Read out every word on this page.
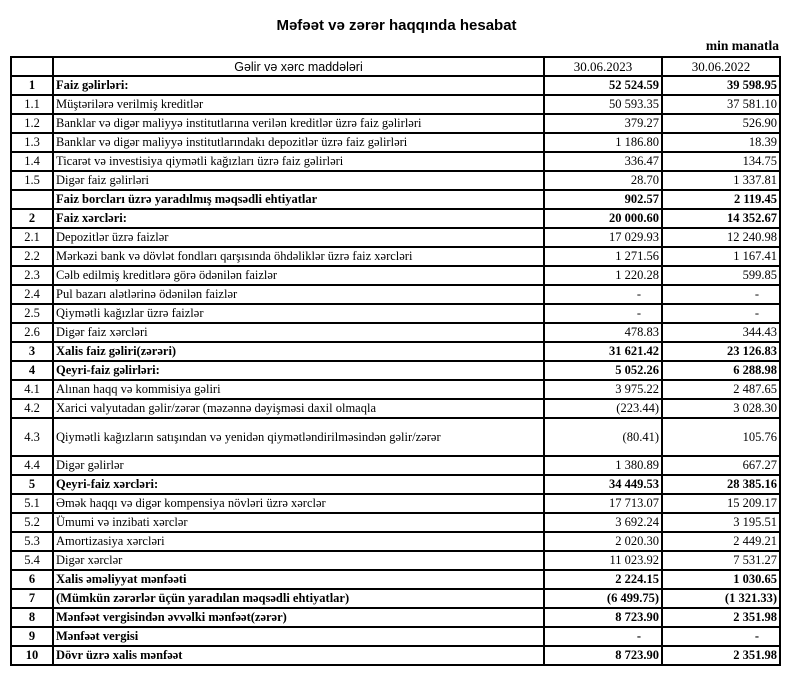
Məfəət və zərər haqqında hesabat
min manatla
	Gəlir və xərc maddələri	30.06.2023	30.06.2022
1	Faiz gəlirləri:	52 524.59	39 598.95
1.1	Müştərilərə verilmiş kreditlər	50 593.35	37 581.10
1.2	Banklar və digər maliyyə institutlarına verilən kreditlər üzrə faiz gəlirləri	379.27	526.90
1.3	Banklar və digər maliyyə institutlarındakı depozitlər üzrə faiz gəlirləri	1 186.80	18.39
1.4	Ticarət və investisiya qiymətli kağızları üzrə faiz gəlirləri	336.47	134.75
1.5	Digər faiz gəlirləri	28.70	1 337.81
	Faiz borcları üzrə yaradılmış məqsədli ehtiyatlar	902.57	2 119.45
2	Faiz xərcləri:	20 000.60	14 352.67
2.1	Depozitlər üzrə faizlər	17 029.93	12 240.98
2.2	Mərkəzi bank və dövlət fondları qarşısında öhdəliklər üzrə faiz xərcləri	1 271.56	1 167.41
2.3	Cəlb edilmiş kreditlərə görə ödənilən faizlər	1 220.28	599.85
2.4	Pul bazarı alətlərinə ödənilən faizlər	-	-
2.5	Qiymətli kağızlar üzrə faizlər	-	-
2.6	Digər faiz xərcləri	478.83	344.43
3	Xalis faiz gəliri(zərəri)	31 621.42	23 126.83
4	Qeyri-faiz gəlirləri:	5 052.26	6 288.98
4.1	Alınan haqq və kommisiya gəliri	3 975.22	2 487.65
4.2	Xarici valyutadan gəlir/zərər (məzənnə dəyişməsi daxil olmaqla	(223.44)	3 028.30
4.3	Qiymətli kağızların satışından və yenidən qiymətləndirilməsindən gəlir/zərər	(80.41)	105.76
4.4	Digər gəlirlər	1 380.89	667.27
5	Qeyri-faiz xərcləri:	34 449.53	28 385.16
5.1	Əmək haqqı və digər kompensiya növləri üzrə xərclər	17 713.07	15 209.17
5.2	Ümumi və inzibati xərclər	3 692.24	3 195.51
5.3	Amortizasiya xərcləri	2 020.30	2 449.21
5.4	Digər xərclər	11 023.92	7 531.27
6	Xalis əməliyyat mənfəəti	2 224.15	1 030.65
7	(Mümkün zərərlər üçün yaradılan məqsədli ehtiyatlar)	(6 499.75)	(1 321.33)
8	Mənfəət vergisindən əvvəlki mənfəət(zərər)	8 723.90	2 351.98
9	Mənfəət vergisi	-	-
10	Dövr üzrə xalis mənfəət	8 723.90	2 351.98
